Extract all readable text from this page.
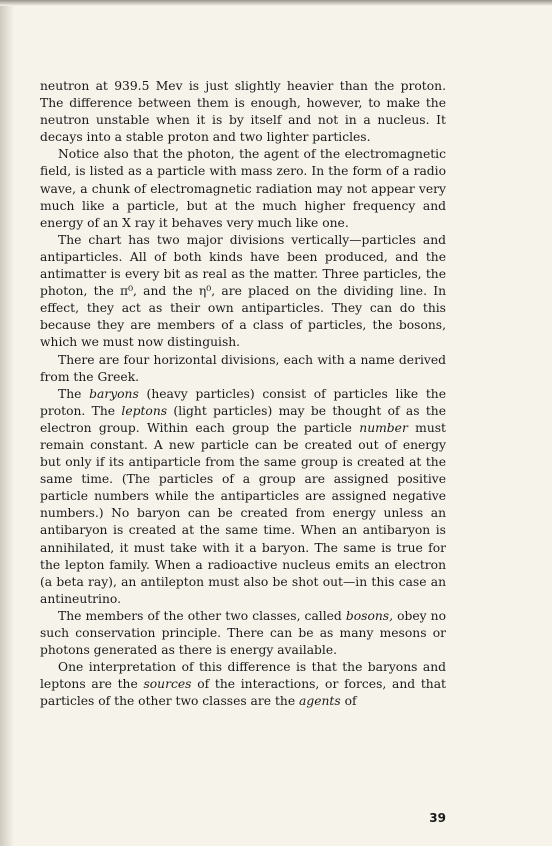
neutron at 939.5 Mev is just slightly heavier than the proton. The difference between them is enough, however, to make the neutron unstable when it is by itself and not in a nucleus. It decays into a stable proton and two lighter particles.

Notice also that the photon, the agent of the electromagnetic field, is listed as a particle with mass zero. In the form of a radio wave, a chunk of electromagnetic radiation may not appear very much like a particle, but at the much higher frequency and energy of an X ray it behaves very much like one.

The chart has two major divisions vertically—particles and antiparticles. All of both kinds have been produced, and the antimatter is every bit as real as the matter. Three particles, the photon, the π⁰, and the η⁰, are placed on the dividing line. In effect, they act as their own antiparticles. They can do this because they are members of a class of particles, the bosons, which we must now distinguish.

There are four horizontal divisions, each with a name derived from the Greek.

The baryons (heavy particles) consist of particles like the proton. The leptons (light particles) may be thought of as the electron group. Within each group the particle number must remain constant. A new particle can be created out of energy but only if its antiparticle from the same group is created at the same time. (The particles of a group are assigned positive particle numbers while the antiparticles are assigned negative numbers.) No baryon can be created from energy unless an antibaryon is created at the same time. When an antibaryon is annihilated, it must take with it a baryon. The same is true for the lepton family. When a radioactive nucleus emits an electron (a beta ray), an antilepton must also be shot out—in this case an antineutrino.

The members of the other two classes, called bosons, obey no such conservation principle. There can be as many mesons or photons generated as there is energy available.

One interpretation of this difference is that the baryons and leptons are the sources of the interactions, or forces, and that particles of the other two classes are the agents of

39
